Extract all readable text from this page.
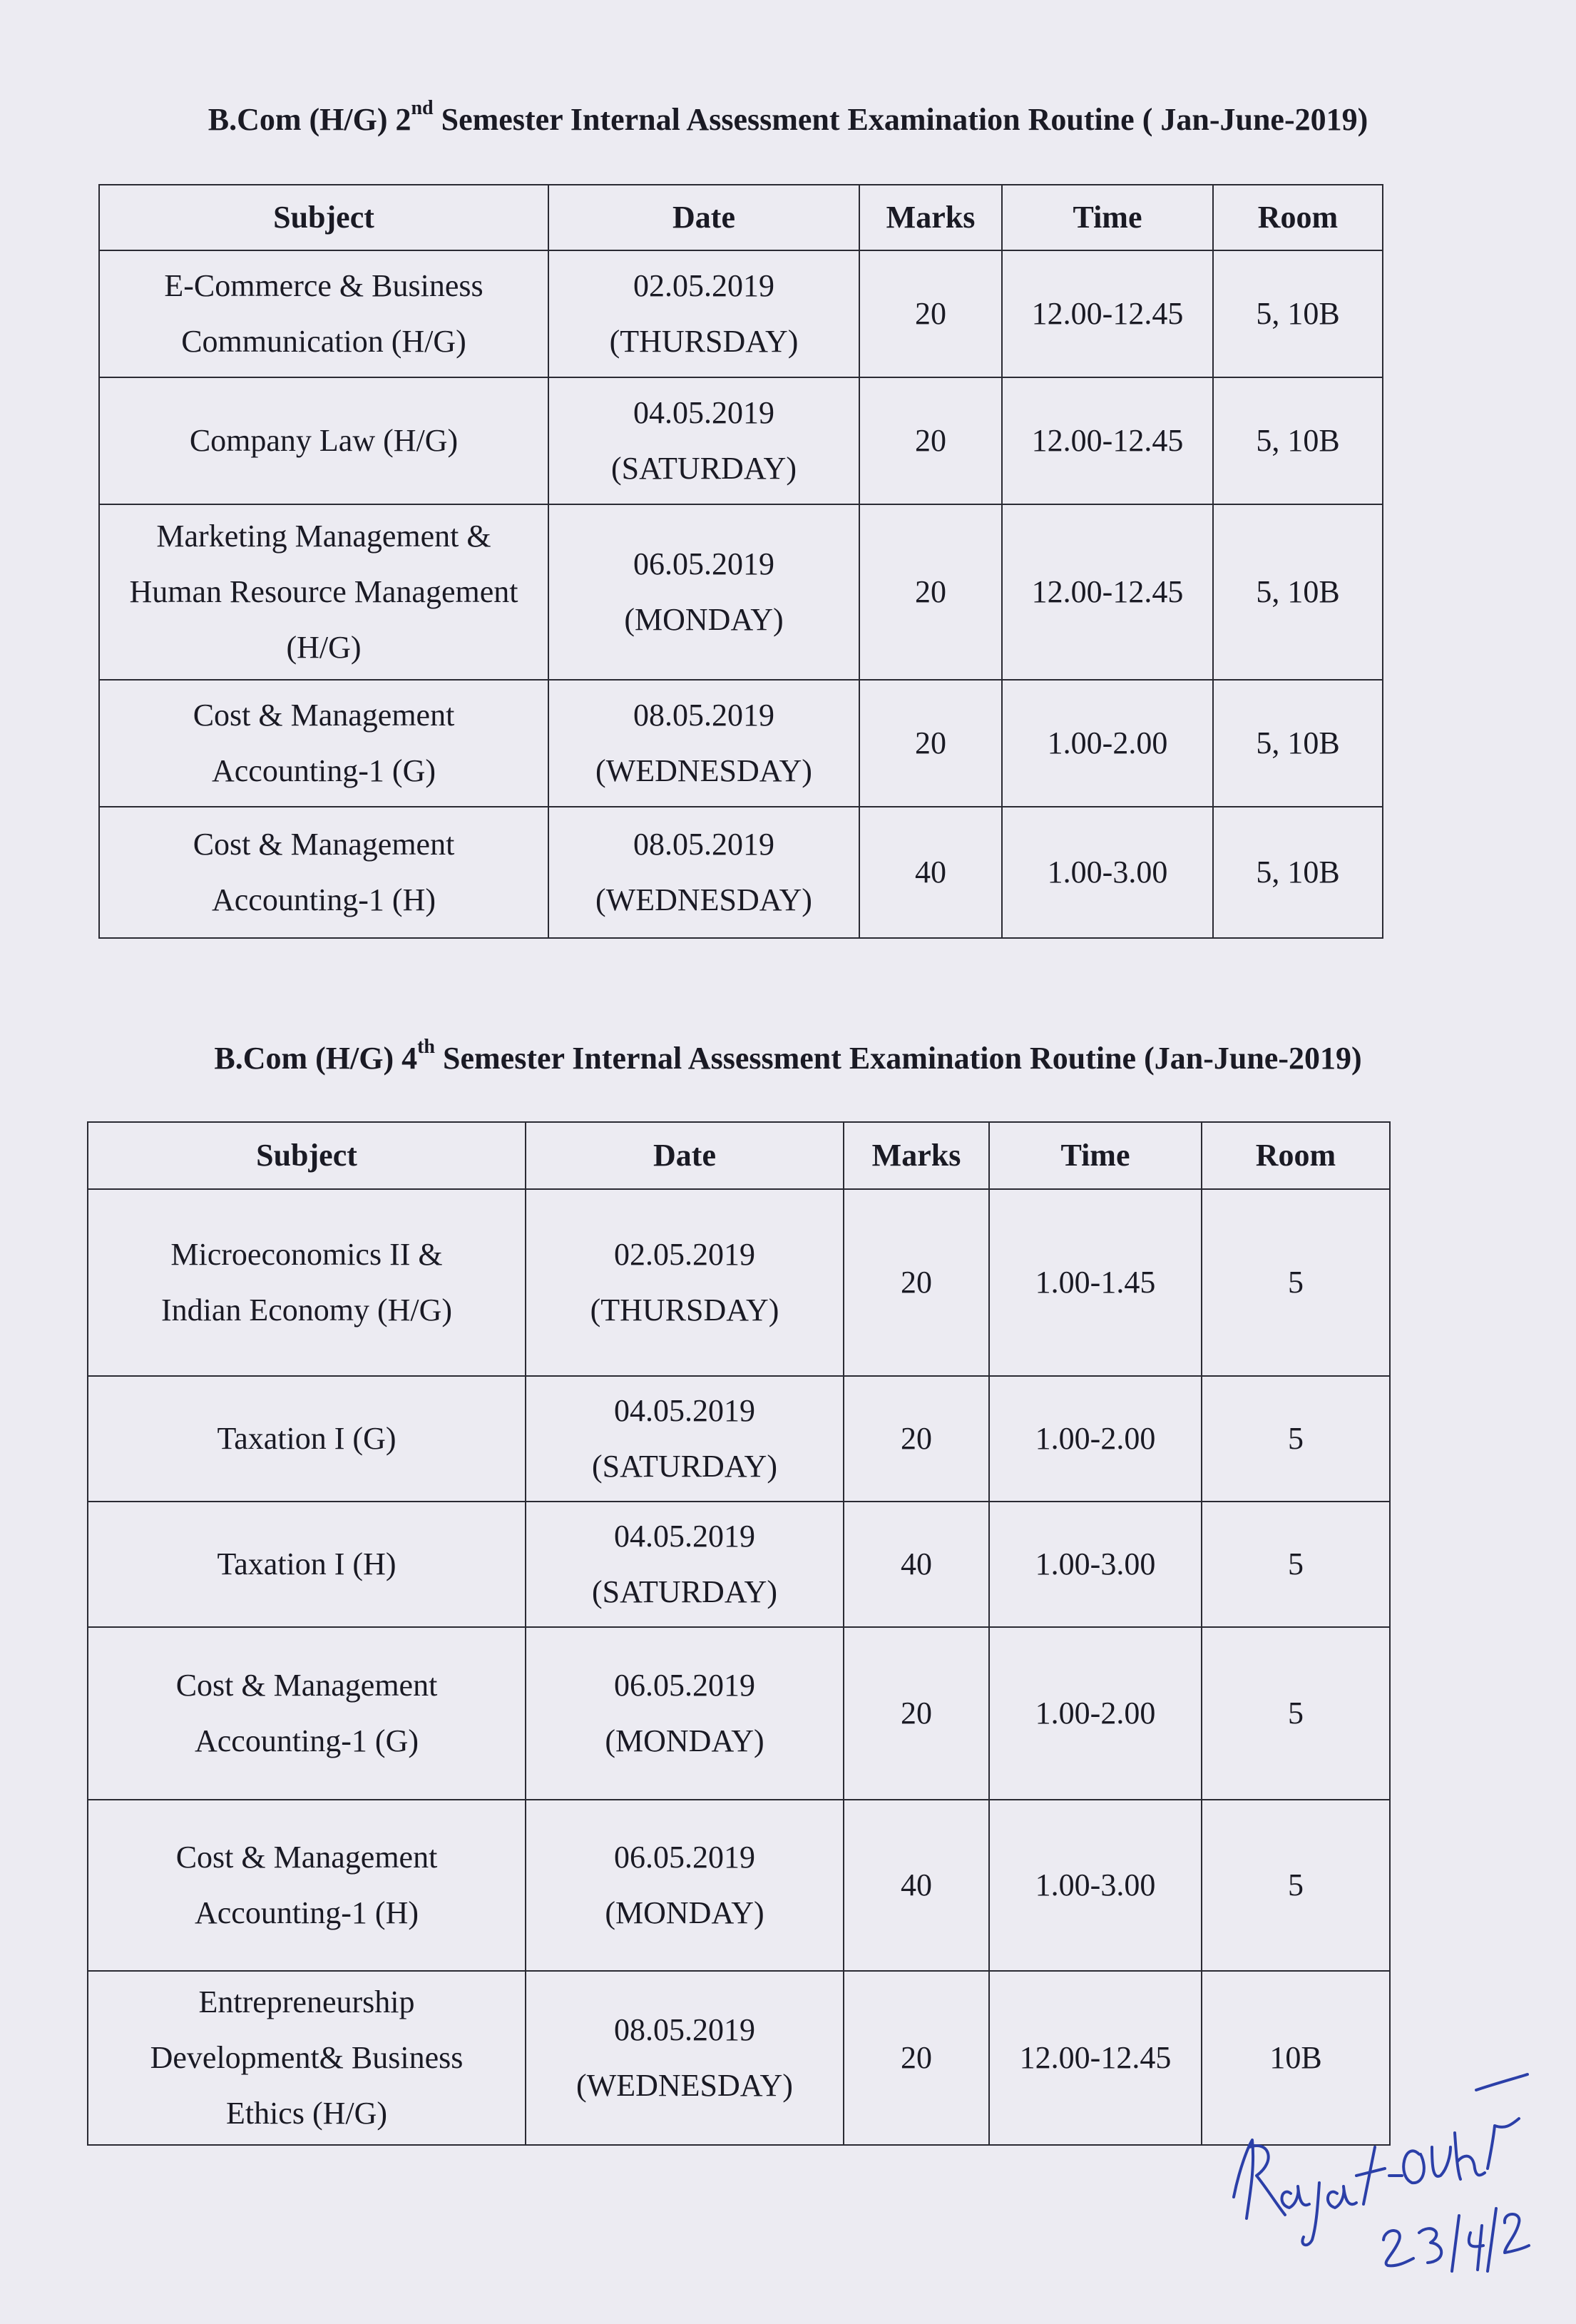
B.Com (H/G) 2nd Semester Internal Assessment Examination Routine ( Jan-June-2019)
Subject	Date	Marks	Time	Room
E-Commerce & Business
Communication (H/G)	02.05.2019
(THURSDAY)	20	12.00-12.45	5, 10B
Company Law (H/G)	04.05.2019
(SATURDAY)	20	12.00-12.45	5, 10B
Marketing Management &
Human Resource Management
(H/G)	06.05.2019
(MONDAY)	20	12.00-12.45	5, 10B
Cost & Management
Accounting-1 (G)	08.05.2019
(WEDNESDAY)	20	1.00-2.00	5, 10B
Cost & Management
Accounting-1 (H)	08.05.2019
(WEDNESDAY)	40	1.00-3.00	5, 10B
B.Com (H/G) 4th Semester Internal Assessment Examination Routine (Jan-June-2019)
Subject	Date	Marks	Time	Room
Microeconomics II &
Indian Economy (H/G)	02.05.2019
(THURSDAY)	20	1.00-1.45	5
Taxation I (G)	04.05.2019
(SATURDAY)	20	1.00-2.00	5
Taxation I (H)	04.05.2019
(SATURDAY)	40	1.00-3.00	5
Cost & Management
Accounting-1 (G)	06.05.2019
(MONDAY)	20	1.00-2.00	5
Cost & Management
Accounting-1 (H)	06.05.2019
(MONDAY)	40	1.00-3.00	5
Entrepreneurship
Development& Business
Ethics (H/G)	08.05.2019
(WEDNESDAY)	20	12.00-12.45	10B
